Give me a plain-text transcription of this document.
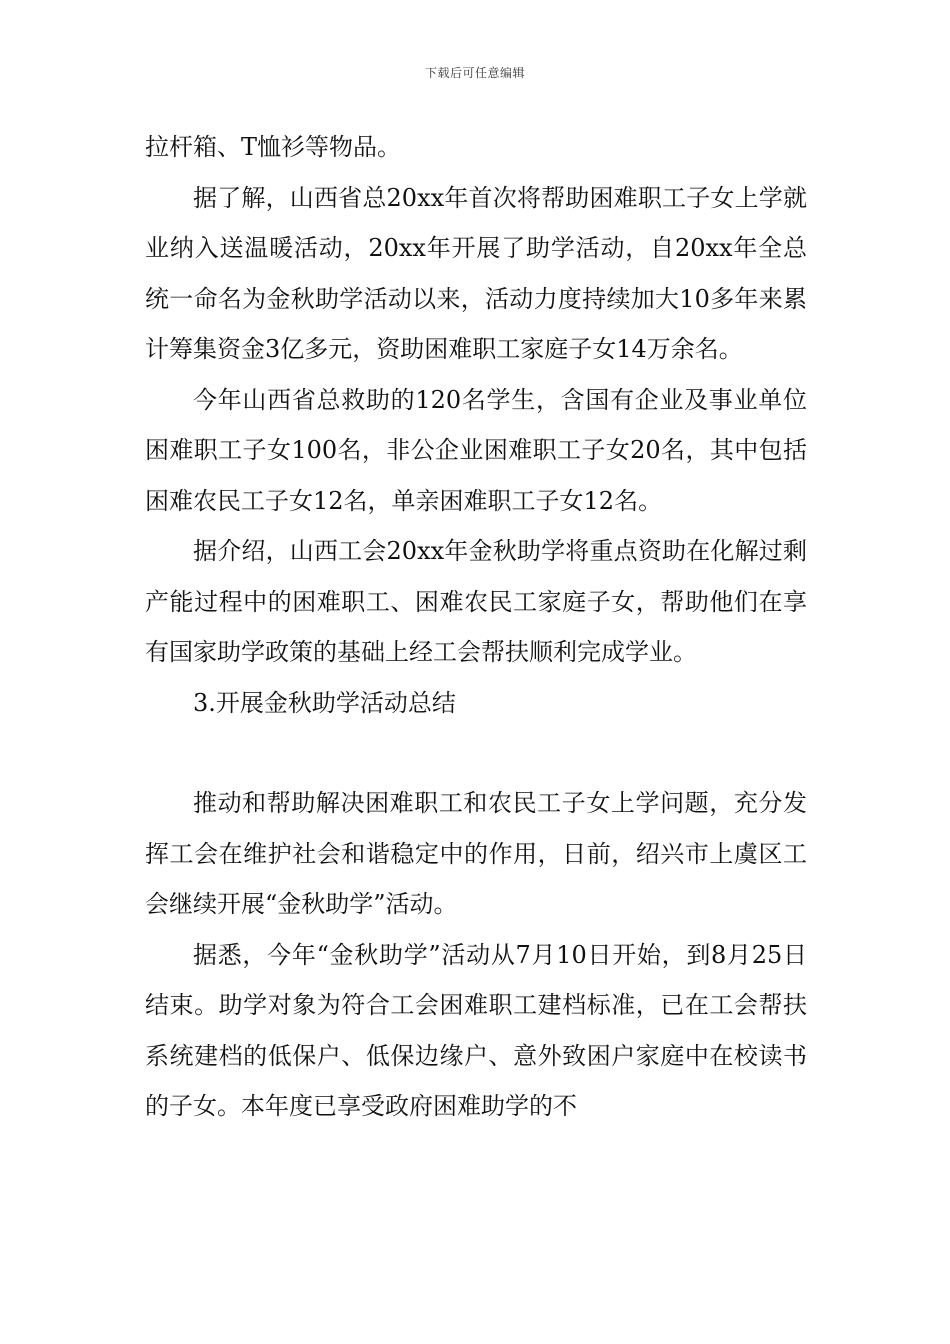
下载后可任意编辑

拉杆箱、T恤衫等物品。

据了解，山西省总20xx年首次将帮助困难职工子女上学就业纳入送温暖活动，20xx年开展了助学活动，自20xx年全总统一命名为金秋助学活动以来，活动力度持续加大10多年来累计筹集资金3亿多元，资助困难职工家庭子女14万余名。

今年山西省总救助的120名学生，含国有企业及事业单位困难职工子女100名，非公企业困难职工子女20名，其中包括困难农民工子女12名，单亲困难职工子女12名。

据介绍，山西工会20xx年金秋助学将重点资助在化解过剩产能过程中的困难职工、困难农民工家庭子女，帮助他们在享有国家助学政策的基础上经工会帮扶顺利完成学业。

3.开展金秋助学活动总结

推动和帮助解决困难职工和农民工子女上学问题，充分发挥工会在维护社会和谐稳定中的作用，日前，绍兴市上虞区工会继续开展“金秋助学”活动。

据悉，今年“金秋助学”活动从7月10日开始，到8月25日结束。助学对象为符合工会困难职工建档标准，已在工会帮扶系统建档的低保户、低保边缘户、意外致困户家庭中在校读书的子女。本年度已享受政府困难助学的不
